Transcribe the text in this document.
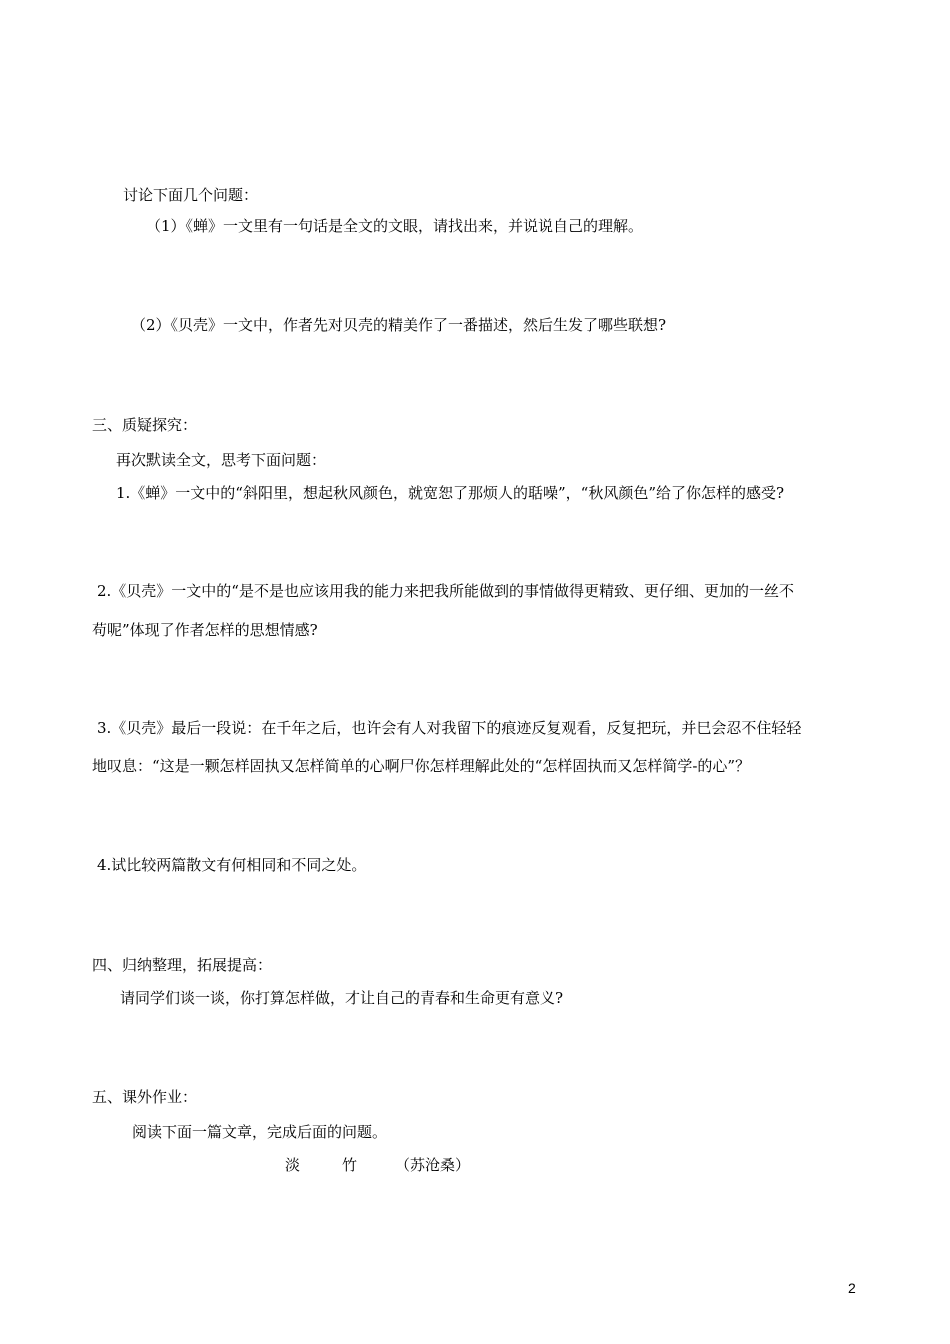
讨论下面几个问题：
（1）《蝉》一文里有一句话是全文的文眼，请找出来，并说说自己的理解。
（2）《贝壳》一文中，作者先对贝壳的精美作了一番描述，然后生发了哪些联想?
三、质疑探究：
再次默读全文，思考下面问题：
1.《蝉》一文中的“斜阳里，想起秋风颜色，就宽恕了那烦人的聒噪”，“秋风颜色”给了你怎样的感受?
2.《贝壳》一文中的“是不是也应该用我的能力来把我所能做到的事情做得更精致、更仔细、更加的一丝不
苟呢”体现了作者怎样的思想情感?
3.《贝壳》最后一段说：在千年之后，也许会有人对我留下的痕迹反复观看，反复把玩，并巳会忍不住轻轻
地叹息：“这是一颗怎样固执又怎样简单的心啊尸你怎样理解此处的“怎样固执而又怎样简学-的心”？
4.试比较两篇散文有何相同和不同之处。
四、归纳整理，拓展提高：
请同学们谈一谈，你打算怎样做，才让自己的青春和生命更有意义?
五、课外作业：
阅读下面一篇文章，完成后面的问题。
淡	竹	（苏沧桑）
2
